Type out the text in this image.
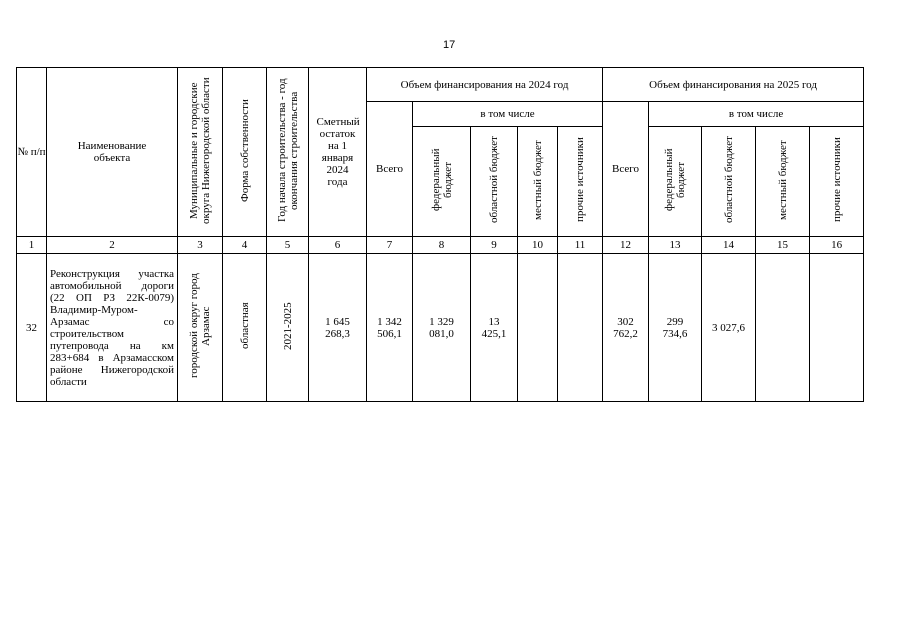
17
№ п/п	Наименование объекта	Муниципальные и городские округа Нижегородской области	Форма собственности	Год начала строительства - год окончания строительства	Сметный остаток на 1 января 2024 года	Объем финансирования на 2024 год					Объем финансирования на 2025 год				
						Всего	в том числе				Всего	в том числе			
							федеральный бюджет	областной бюджет	местный бюджет	прочие источники		федеральный бюджет	областной бюджет	местный бюджет	прочие источники
1	2	3	4	5	6	7	8	9	10	11	12	13	14	15	16
32	Реконструкция участка автомобильной дороги (22 ОП РЗ 22К-0079) Владимир-Муром-Арзамас со строительством путепровода на км 283+684 в Арзамасском районе Нижегородской области	городской округ город Арзамас	областная	2021-2025	1 645 268,3	1 342 506,1	1 329 081,0	13 425,1			302 762,2	299 734,6	3 027,6		
